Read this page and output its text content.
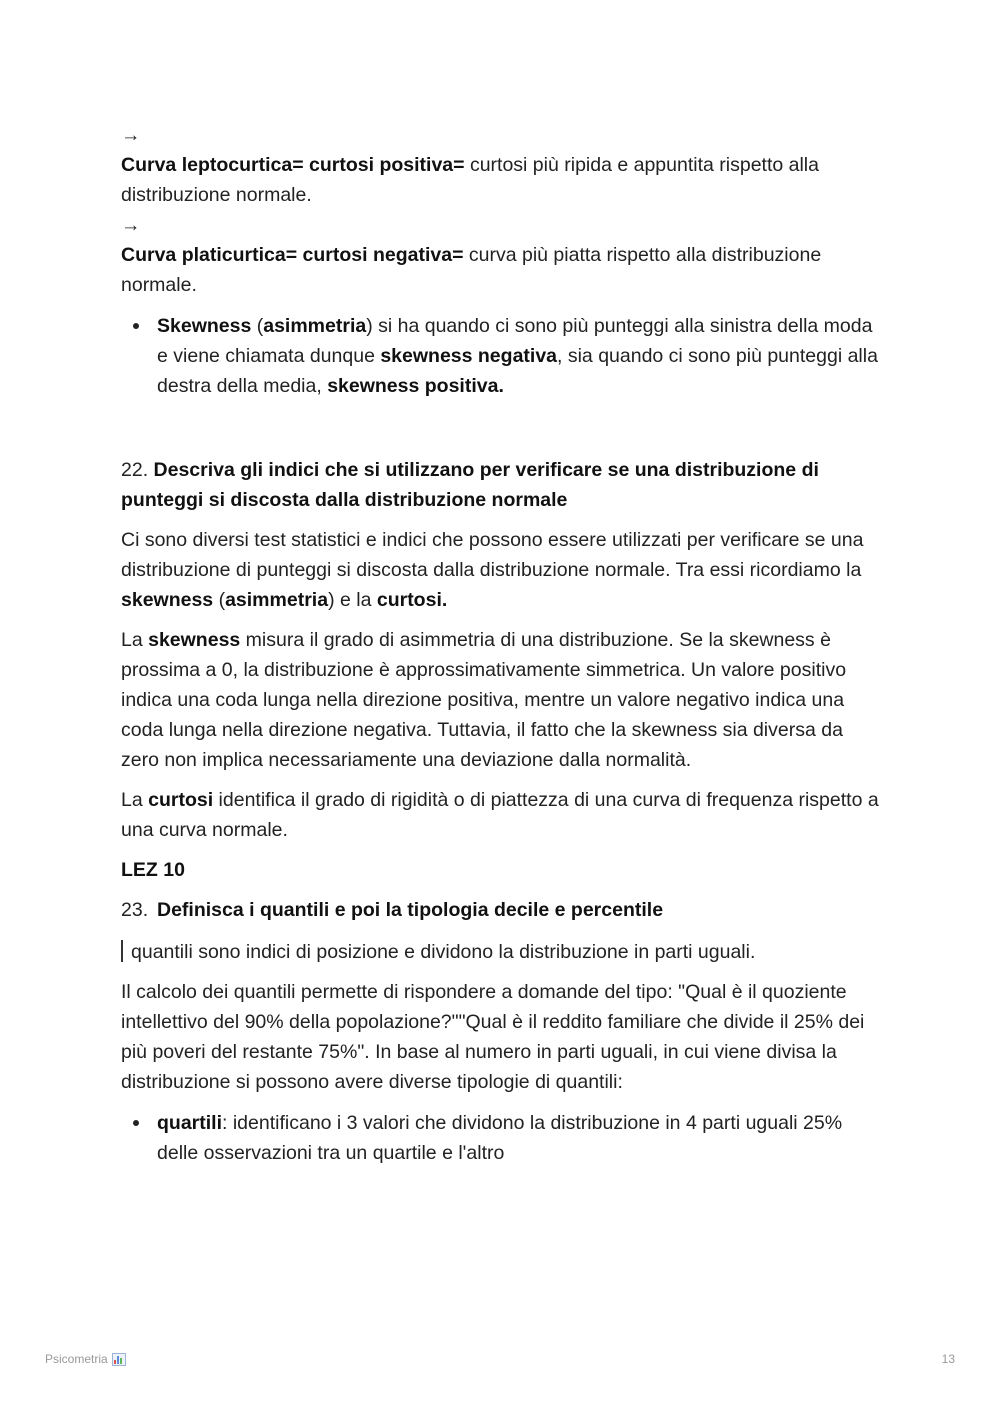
→

Curva leptocurtica= curtosi positiva= curtosi più ripida e appuntita rispetto alla distribuzione normale.

→

Curva platicurtica= curtosi negativa= curva più piatta rispetto alla distribuzione normale.

Skewness (asimmetria) si ha quando ci sono più punteggi alla sinistra della moda e viene chiamata dunque skewness negativa, sia quando ci sono più punteggi alla destra della media, skewness positiva.

22. Descriva gli indici che si utilizzano per verificare se una distribuzione di punteggi si discosta dalla distribuzione normale

Ci sono diversi test statistici e indici che possono essere utilizzati per verificare se una distribuzione di punteggi si discosta dalla distribuzione normale. Tra essi ricordiamo la skewness (asimmetria) e la curtosi.

La skewness misura il grado di asimmetria di una distribuzione. Se la skewness è prossima a 0, la distribuzione è approssimativamente simmetrica. Un valore positivo indica una coda lunga nella direzione positiva, mentre un valore negativo indica una coda lunga nella direzione negativa. Tuttavia, il fatto che la skewness sia diversa da zero non implica necessariamente una deviazione dalla normalità.

La curtosi identifica il grado di rigidità o di piattezza di una curva di frequenza rispetto a una curva normale.

LEZ 10

23. Definisca i quantili e poi la tipologia decile e percentile

quantili sono indici di posizione e dividono la distribuzione in parti uguali.

Il calcolo dei quantili permette di rispondere a domande del tipo: "Qual è il quoziente intellettivo del 90% della popolazione?""Qual è il reddito familiare che divide il 25% dei più poveri del restante 75%". In base al numero in parti uguali, in cui viene divisa la distribuzione si possono avere diverse tipologie di quantili:

quartili: identificano i 3 valori che dividono la distribuzione in 4 parti uguali 25% delle osservazioni tra un quartile e l'altro
Psicometria	13
